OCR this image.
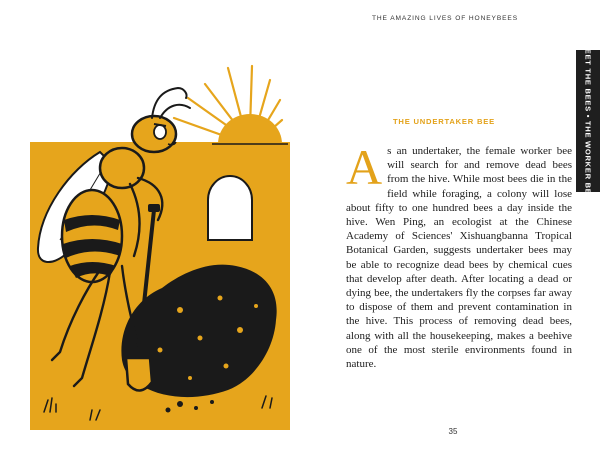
THE AMAZING LIVES OF HONEYBEES
MEET THE BEES • THE WORKER BEE
THE UNDERTAKER BEE
As an undertaker, the female worker bee will search for and remove dead bees from the hive. While most bees die in the field while foraging, a colony will lose about fifty to one hundred bees a day inside the hive. Wen Ping, an ecologist at the Chinese Academy of Sciences' Xishuangbanna Tropical Botanical Garden, suggests undertaker bees may be able to recognize dead bees by chemical cues that develop after death. After locating a dead or dying bee, the undertakers fly the corpses far away to dispose of them and prevent contamination in the hive. This process of removing dead bees, along with all the housekeeping, makes a beehive one of the most sterile environments found in nature.
35
